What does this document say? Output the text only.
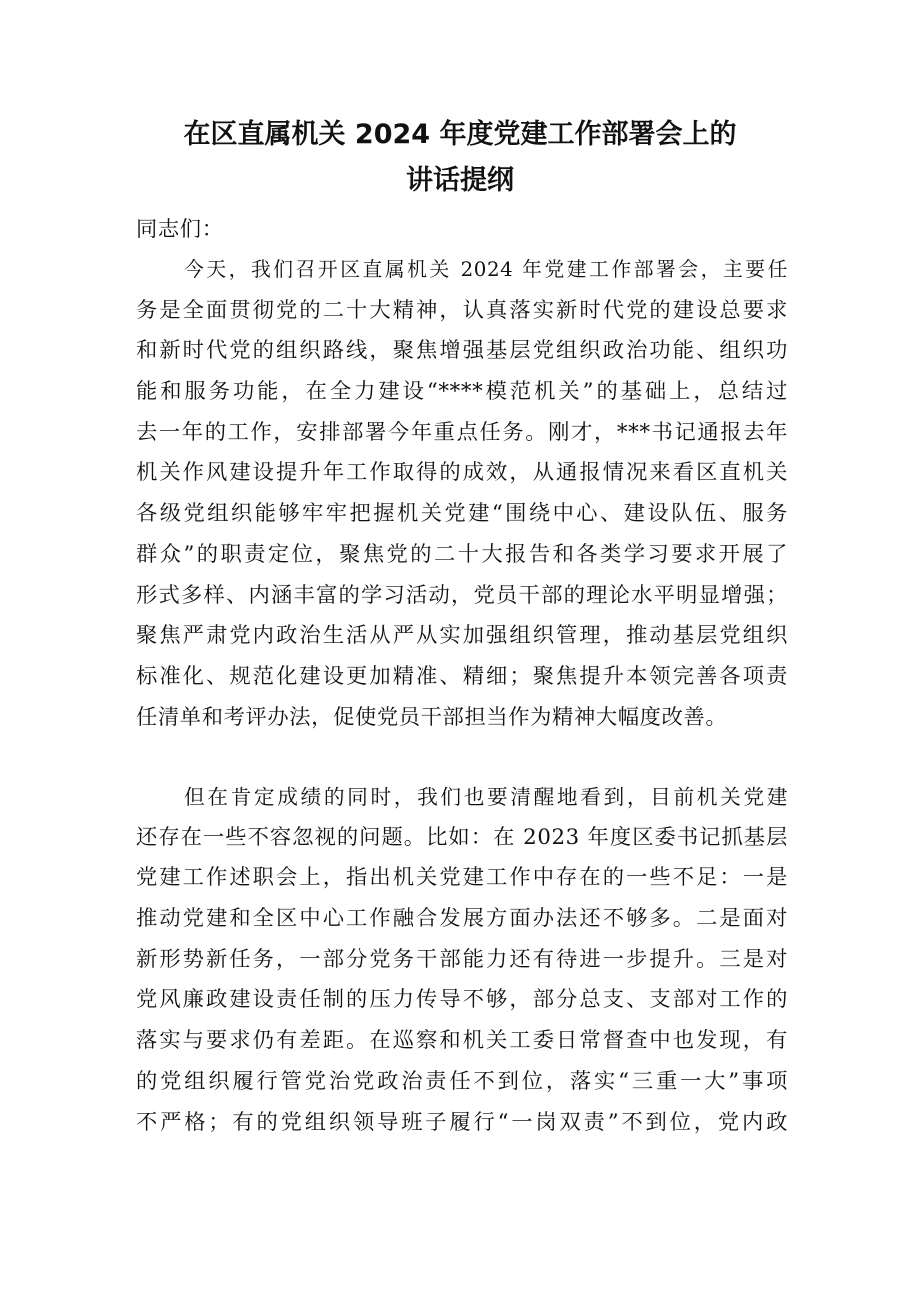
在区直属机关 2024 年度党建工作部署会上的
讲话提纲

同志们：

今天，我们召开区直属机关 2024 年党建工作部署会，主要任
务是全面贯彻党的二十大精神，认真落实新时代党的建设总要求
和新时代党的组织路线，聚焦增强基层党组织政治功能、组织功
能和服务功能，在全力建设“****模范机关”的基础上，总结过
去一年的工作，安排部署今年重点任务。刚才，***书记通报去年
机关作风建设提升年工作取得的成效，从通报情况来看区直机关
各级党组织能够牢牢把握机关党建“围绕中心、建设队伍、服务
群众”的职责定位，聚焦党的二十大报告和各类学习要求开展了
形式多样、内涵丰富的学习活动，党员干部的理论水平明显增强；
聚焦严肃党内政治生活从严从实加强组织管理，推动基层党组织
标准化、规范化建设更加精准、精细；聚焦提升本领完善各项责
任清单和考评办法，促使党员干部担当作为精神大幅度改善。
但在肯定成绩的同时，我们也要清醒地看到，目前机关党建
还存在一些不容忽视的问题。比如：在 2023 年度区委书记抓基层
党建工作述职会上，指出机关党建工作中存在的一些不足：一是
推动党建和全区中心工作融合发展方面办法还不够多。二是面对
新形势新任务，一部分党务干部能力还有待进一步提升。三是对
党风廉政建设责任制的压力传导不够，部分总支、支部对工作的
落实与要求仍有差距。在巡察和机关工委日常督查中也发现，有
的党组织履行管党治党政治责任不到位，落实“三重一大”事项
不严格；有的党组织领导班子履行“一岗双责”不到位，党内政
